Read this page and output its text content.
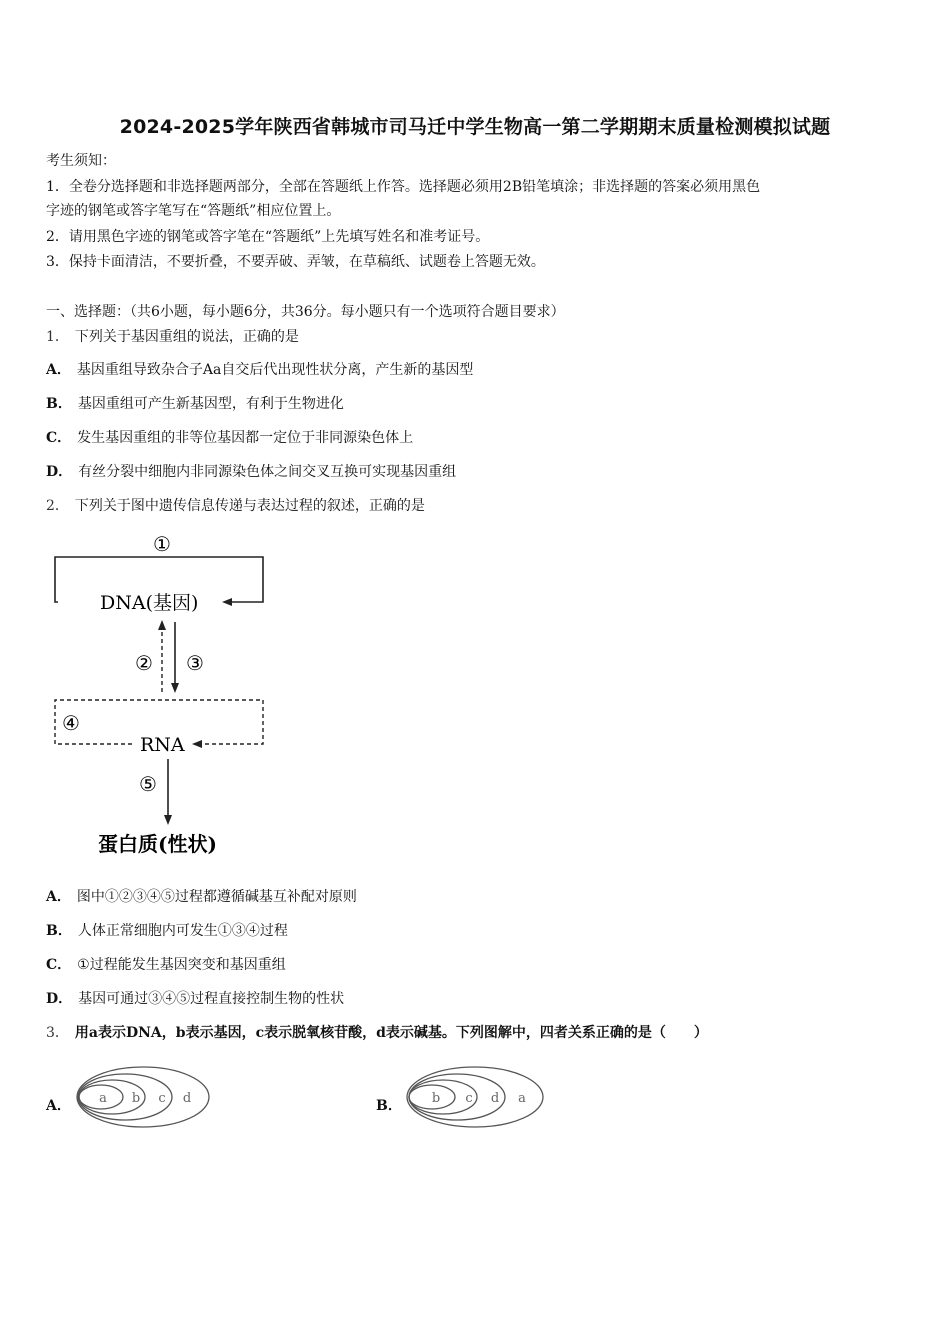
2024-2025学年陕西省韩城市司马迁中学生物高一第二学期期末质量检测模拟试题
考生须知：
1．全卷分选择题和非选择题两部分，全部在答题纸上作答。选择题必须用2B铅笔填涂；非选择题的答案必须用黑色
字迹的钢笔或答字笔写在“答题纸”相应位置上。
2．请用黑色字迹的钢笔或答字笔在“答题纸”上先填写姓名和准考证号。
3．保持卡面清洁，不要折叠，不要弄破、弄皱，在草稿纸、试题卷上答题无效。
一、选择题：（共6小题，每小题6分，共36分。每小题只有一个选项符合题目要求）
1． 下列关于基因重组的说法，正确的是
A． 基因重组导致杂合子Aa自交后代出现性状分离，产生新的基因型
B． 基因重组可产生新基因型，有利于生物进化
C． 发生基因重组的非等位基因都一定位于非同源染色体上
D． 有丝分裂中细胞内非同源染色体之间交叉互换可实现基因重组
2． 下列关于图中遗传信息传递与表达过程的叙述，正确的是
①
DNA(基因)
② ③
④
RNA
⑤
蛋白质(性状)
A． 图中①②③④⑤过程都遵循碱基互补配对原则
B． 人体正常细胞内可发生①③④过程
C． ①过程能发生基因突变和基因重组
D． 基因可通过③④⑤过程直接控制生物的性状
3． 用a表示DNA，b表示基因，c表示脱氧核苷酸，d表示碱基。下列图解中，四者关系正确的是（　　）
A．	a b c d	B．	b c d a
